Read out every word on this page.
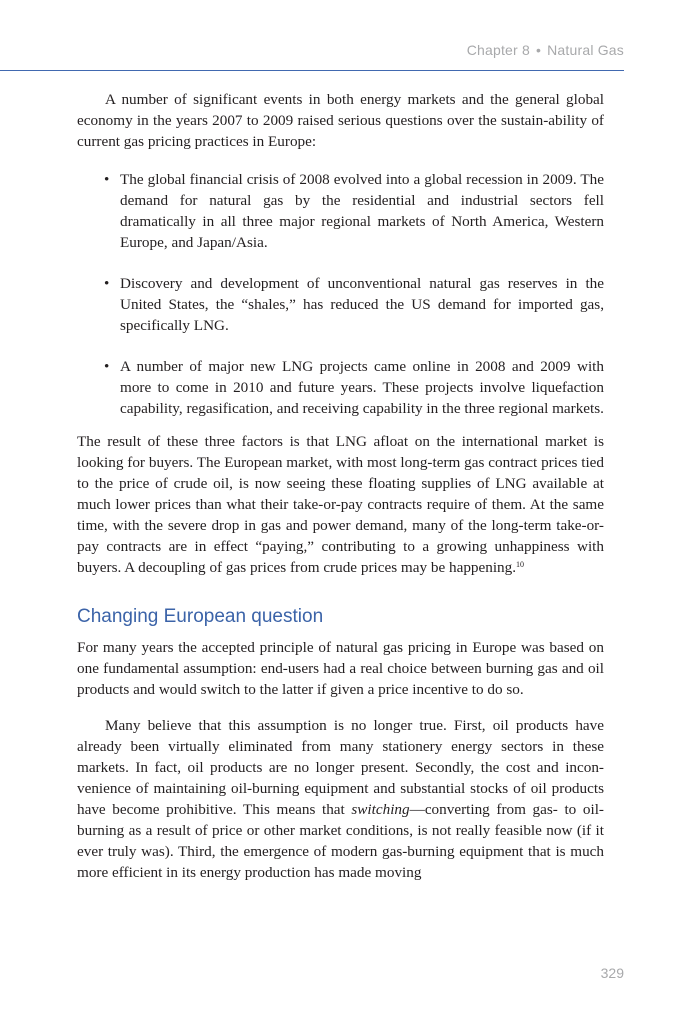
Chapter 8 • Natural Gas

A number of significant events in both energy markets and the general global economy in the years 2007 to 2009 raised serious questions over the sustain-ability of current gas pricing practices in Europe:

• The global financial crisis of 2008 evolved into a global recession in 2009. The demand for natural gas by the residential and industrial sectors fell dramatically in all three major regional markets of North America, Western Europe, and Japan/Asia.
• Discovery and development of unconventional natural gas reserves in the United States, the “shales,” has reduced the US demand for imported gas, specifically LNG.
• A number of major new LNG projects came online in 2008 and 2009 with more to come in 2010 and future years. These projects involve liquefaction capability, regasification, and receiving capability in the three regional markets.

The result of these three factors is that LNG afloat on the international market is looking for buyers. The European market, with most long-term gas contract prices tied to the price of crude oil, is now seeing these floating supplies of LNG available at much lower prices than what their take-or-pay contracts require of them. At the same time, with the severe drop in gas and power demand, many of the long-term take-or-pay contracts are in effect “paying,” contributing to a growing unhappiness with buyers. A decoupling of gas prices from crude prices may be happening.$^{10}$

Changing European question

For many years the accepted principle of natural gas pricing in Europe was based on one fundamental assumption: end-users had a real choice between burning gas and oil products and would switch to the latter if given a price incentive to do so.

Many believe that this assumption is no longer true. First, oil products have already been virtually eliminated from many stationery energy sectors in these markets. In fact, oil products are no longer present. Secondly, the cost and incon-venience of maintaining oil-burning equipment and substantial stocks of oil products have become prohibitive. This means that switching—converting from gas- to oil-burning as a result of price or other market conditions, is not really feasible now (if it ever truly was). Third, the emergence of modern gas-burning equipment that is much more efficient in its energy production has made moving

329
